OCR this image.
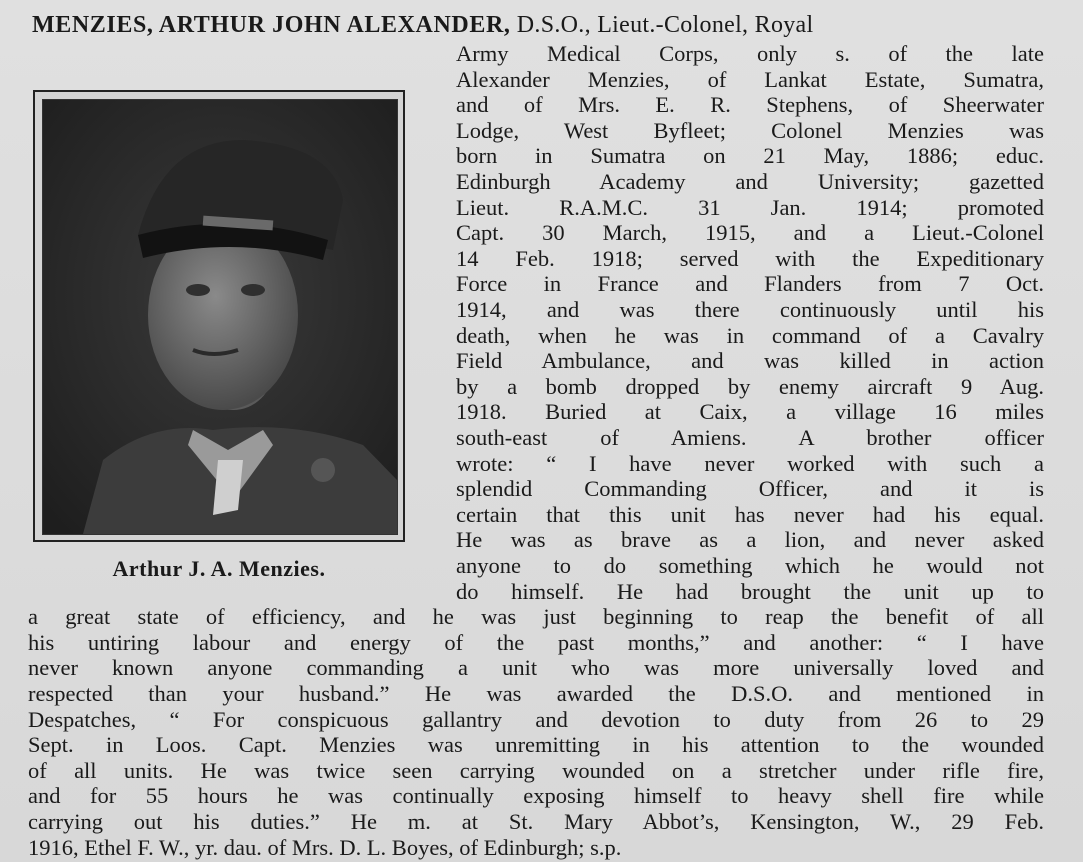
MENZIES, ARTHUR JOHN ALEXANDER, D.S.O., Lieut.-Colonel, Royal
Arthur J. A. Menzies.
Army Medical Corps, only s. of the late
Alexander Menzies, of Lankat Estate, Sumatra,
and of Mrs. E. R. Stephens, of Sheerwater
Lodge, West Byfleet; Colonel Menzies was
born in Sumatra on 21 May, 1886; educ.
Edinburgh Academy and University; gazetted
Lieut. R.A.M.C. 31 Jan. 1914; promoted
Capt. 30 March, 1915, and a Lieut.-Colonel
14 Feb. 1918; served with the Expeditionary
Force in France and Flanders from 7 Oct.
1914, and was there continuously until his
death, when he was in command of a Cavalry
Field Ambulance, and was killed in action
by a bomb dropped by enemy aircraft 9 Aug.
1918. Buried at Caix, a village 16 miles
south-east of Amiens. A brother officer
wrote: “ I have never worked with such a
splendid Commanding Officer, and it is
certain that this unit has never had his equal.
He was as brave as a lion, and never asked
anyone to do something which he would not
do himself. He had brought the unit up to
a great state of efficiency, and he was just beginning to reap the benefit of all
his untiring labour and energy of the past months,” and another: “ I have
never known anyone commanding a unit who was more universally loved and
respected than your husband.” He was awarded the D.S.O. and mentioned in
Despatches, “ For conspicuous gallantry and devotion to duty from 26 to 29
Sept. in Loos. Capt. Menzies was unremitting in his attention to the wounded
of all units. He was twice seen carrying wounded on a stretcher under rifle fire,
and for 55 hours he was continually exposing himself to heavy shell fire while
carrying out his duties.” He m. at St. Mary Abbot’s, Kensington, W., 29 Feb.
1916, Ethel F. W., yr. dau. of Mrs. D. L. Boyes, of Edinburgh; s.p.
